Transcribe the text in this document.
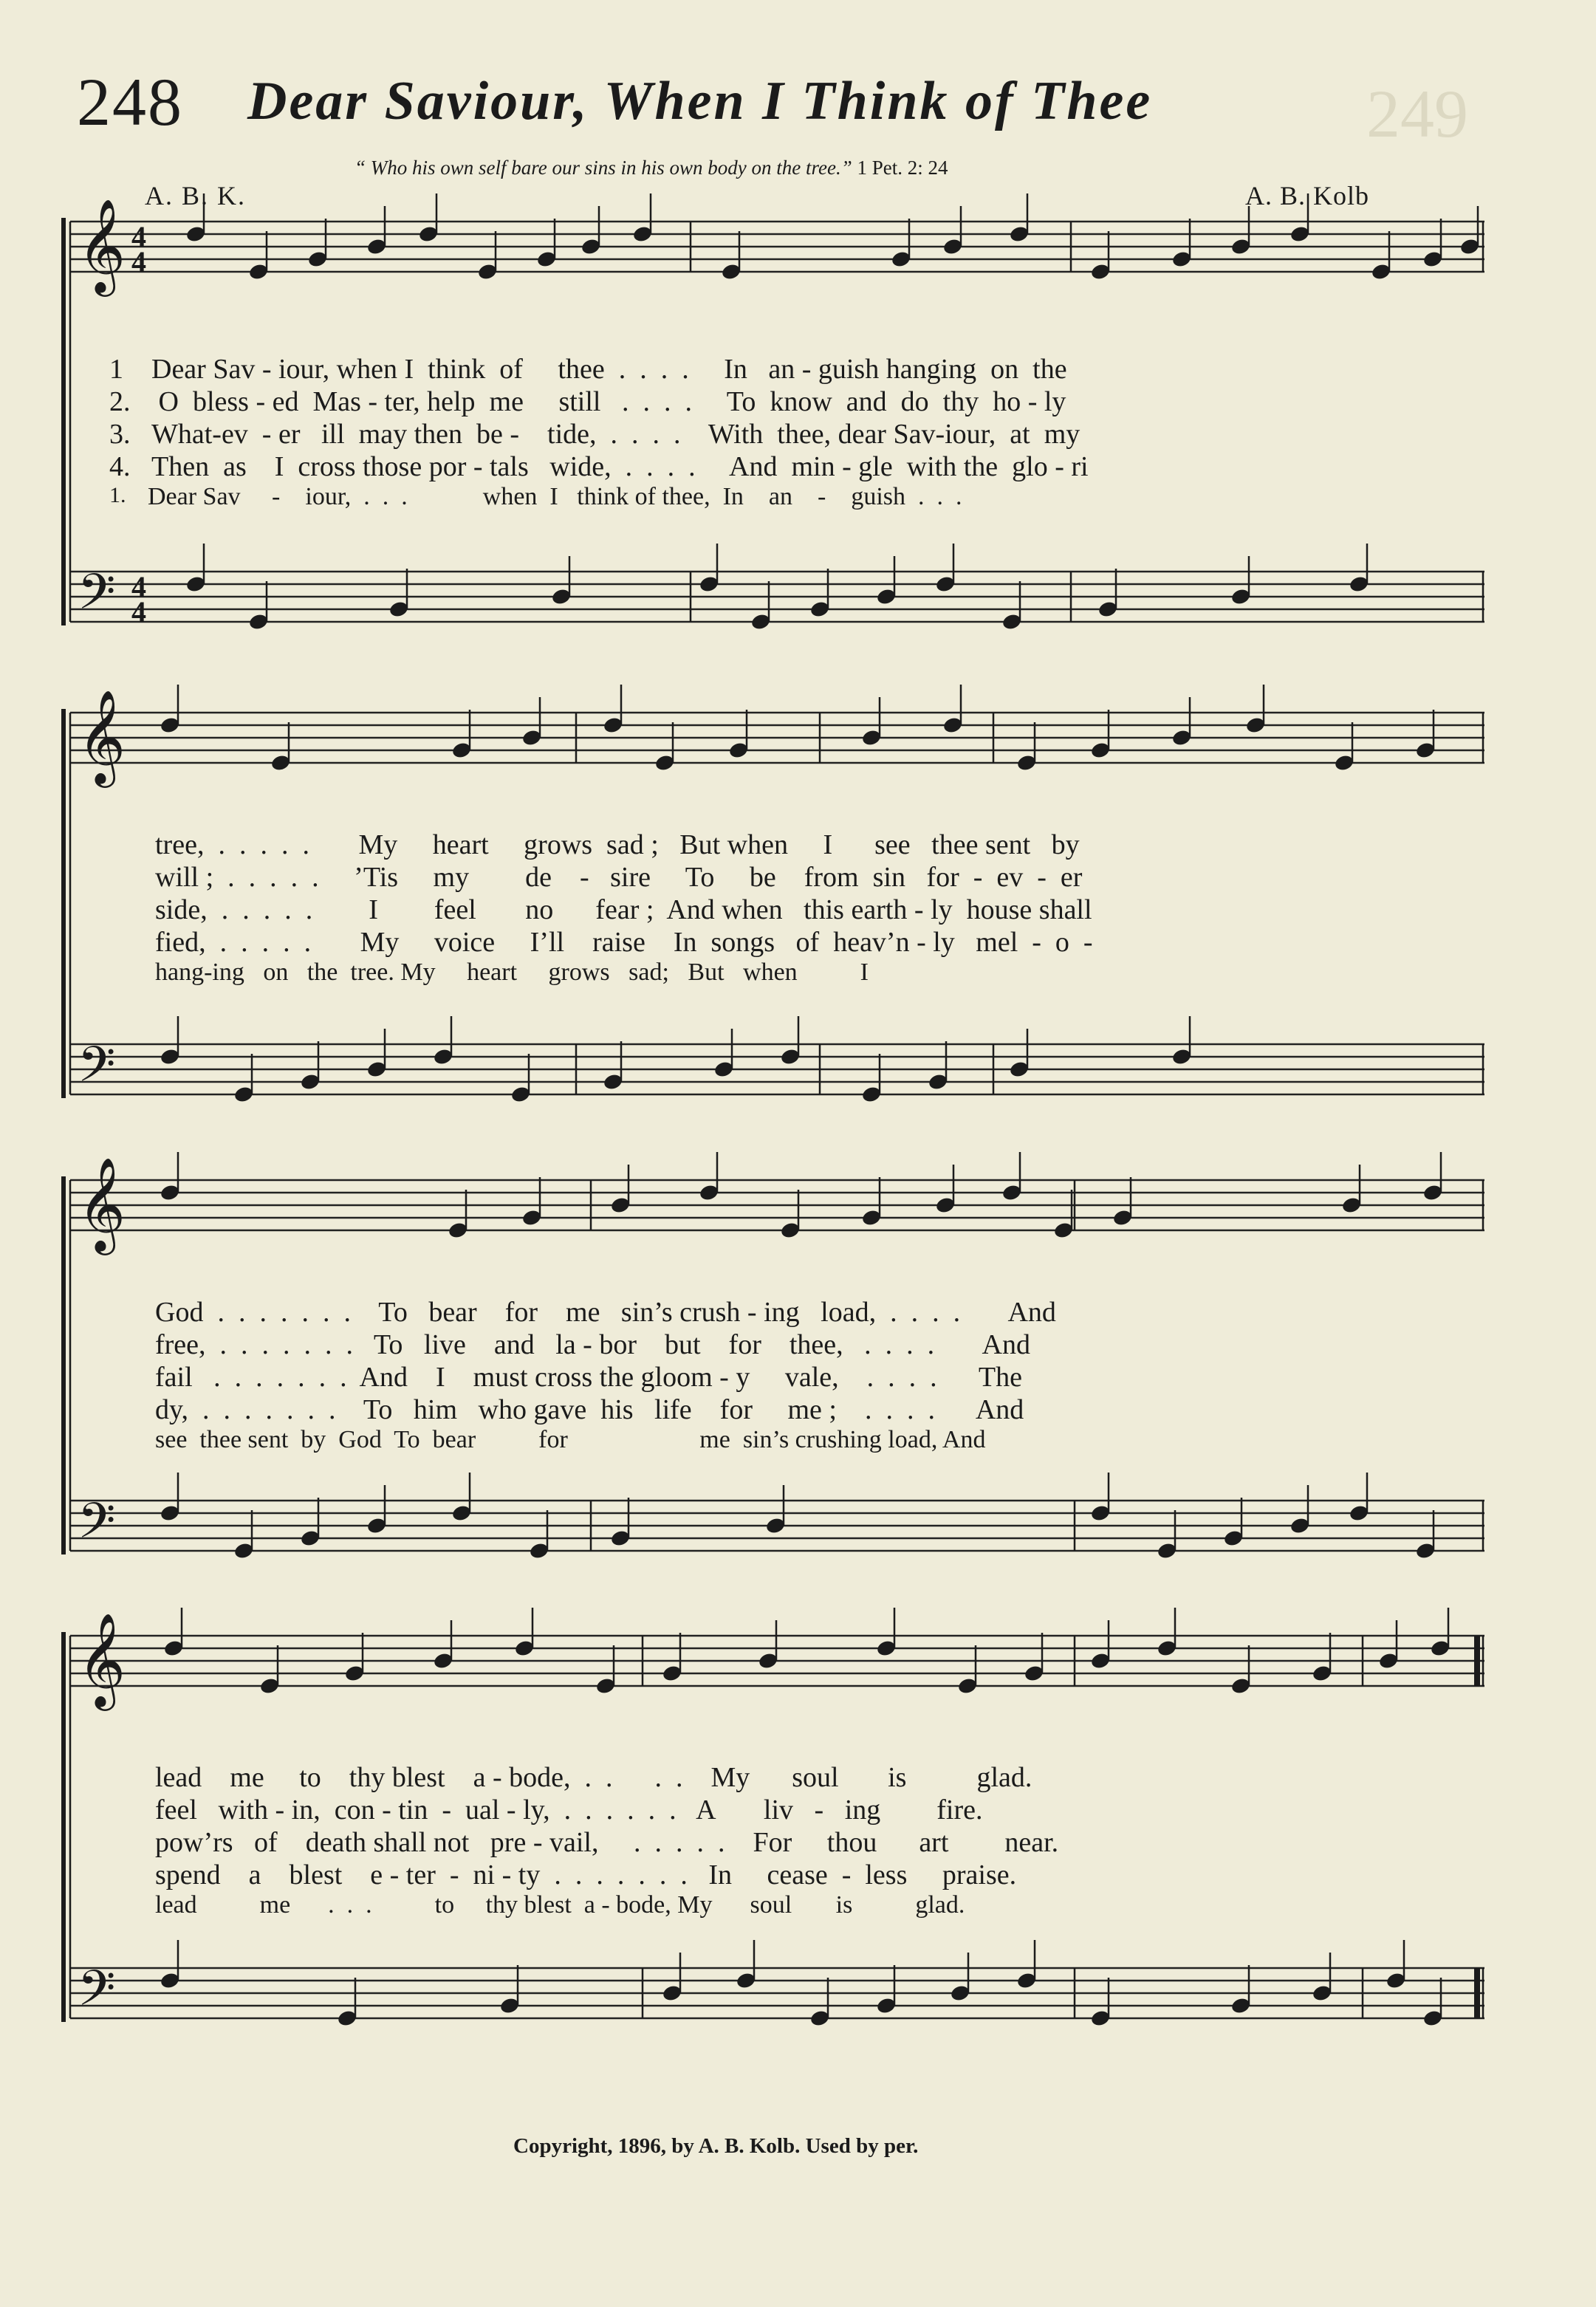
249
248 Dear Saviour, When I Think of Thee
“ Who his own self bare our sins in his own body on the tree.” 1 Pet. 2: 24
A. B. K.	A. B. Kolb
𝄞
𝄢
4
4
4
4
𝄞
𝄢
𝄞
𝄢
𝄞
𝄢
1 Dear Sav - iour, when I  think  of     thee  .  .  .  .     In   an - guish hanging  on  the
2. O  bless - ed  Mas - ter, help  me     still   .  .  .  .     To  know  and  do  thy  ho - ly
3. What-ev  - er   ill  may then  be -    tide,  .  .  .  .    With  thee, dear Sav-iour,  at  my
4. Then  as    I  cross those por - tals   wide,  .  .  .  .     And  min - gle  with the  glo - ri
1. Dear Sav     -    iour,  .  .  .            when  I   think of thee,  In    an    -    guish  .  .  .
tree,  .  .  .  .  .       My     heart     grows  sad ;   But when     I      see   thee sent   by
will ;  .  .  .  .  .     ’Tis     my        de    -   sire     To     be    from  sin   for  -  ev  -  er
side,  .  .  .  .  .        I        feel       no      fear ;  And when   this earth - ly  house shall
fied,  .  .  .  .  .       My     voice     I’ll    raise    In  songs   of  heav’n - ly   mel  -  o  -
hang-ing   on   the  tree. My     heart     grows   sad;   But   when          I
God  .  .  .  .  .  .  .    To   bear    for    me   sin’s crush - ing   load,  .  .  .  .       And
free,  .  .  .  .  .  .  .   To   live    and   la - bor    but    for    thee,   .  .  .  .       And
fail   .  .  .  .  .  .  .  And    I    must cross the gloom - y     vale,    .  .  .  .      The
dy,  .  .  .  .  .  .  .    To   him   who gave  his   life    for     me ;    .  .  .  .      And
see  thee sent  by  God  To  bear          for                     me  sin’s crushing load, And
lead    me     to    thy blest    a - bode,  .  .      .  .    My      soul       is          glad.
feel   with - in,  con - tin  -  ual - ly,  .  .  .  .  .  .   A       liv   -   ing        fire.
pow’rs   of    death shall not   pre - vail,     .  .  .  .  .    For     thou      art        near.
spend    a    blest    e - ter  -  ni - ty  .  .  .  .  .  .  .   In     cease  -  less     praise.
lead          me      .  .  .          to     thy blest  a - bode, My      soul       is          glad.
Copyright, 1896, by A. B. Kolb. Used by per.
